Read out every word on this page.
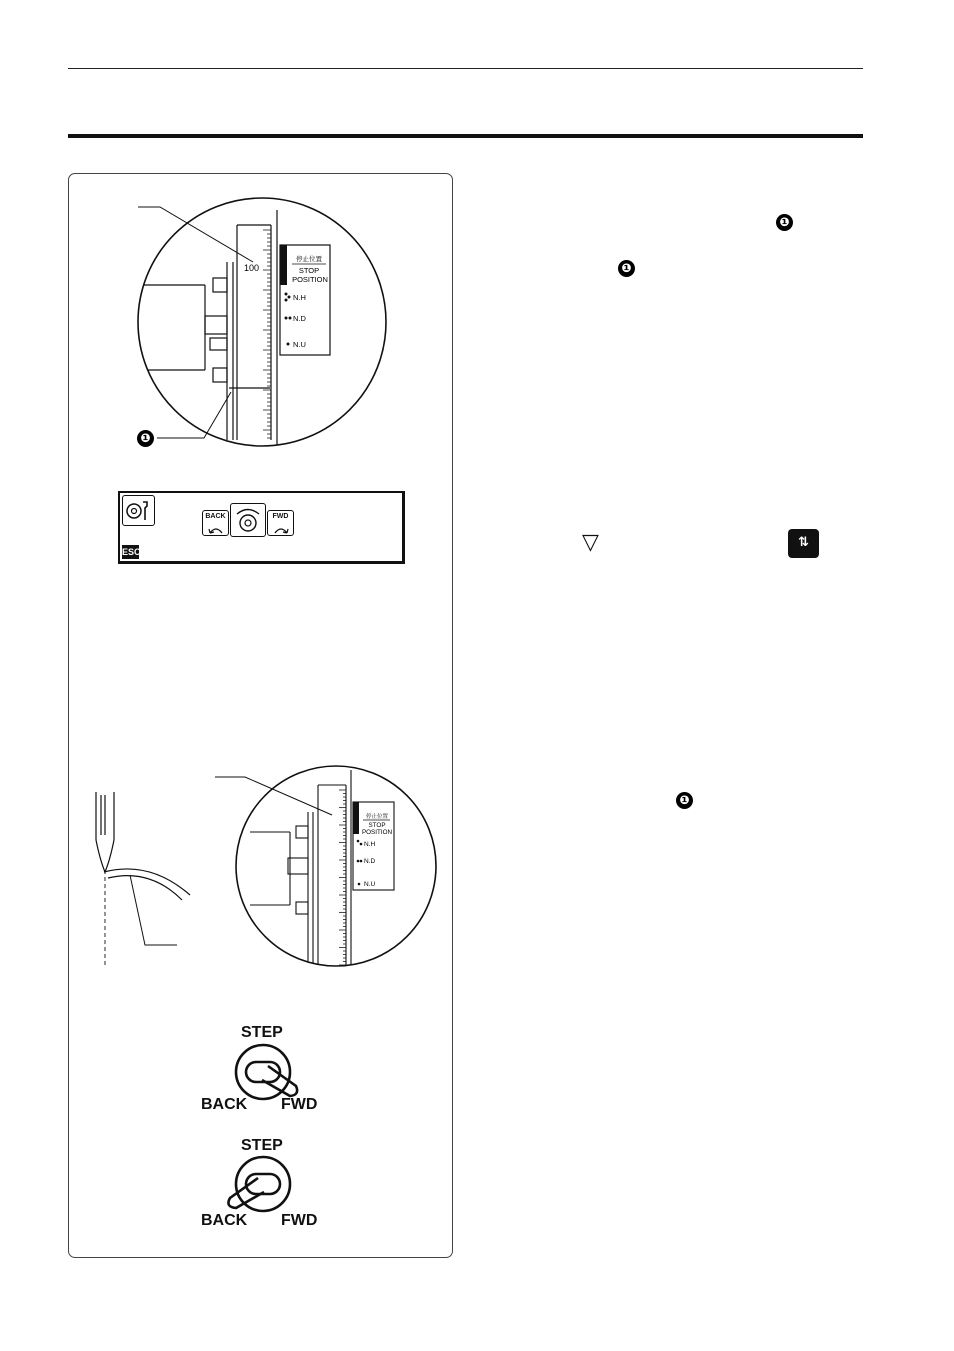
停止位置
STOP
POSITION
N.H
N.D
N.U
100
停止位置
STOP
POSITION
N.H
N.D
N.U
❶
BACK	FWD
ESC
STEP
BACK FWD
STEP
BACK FWD
❶
❶
▽	⇅
❶
